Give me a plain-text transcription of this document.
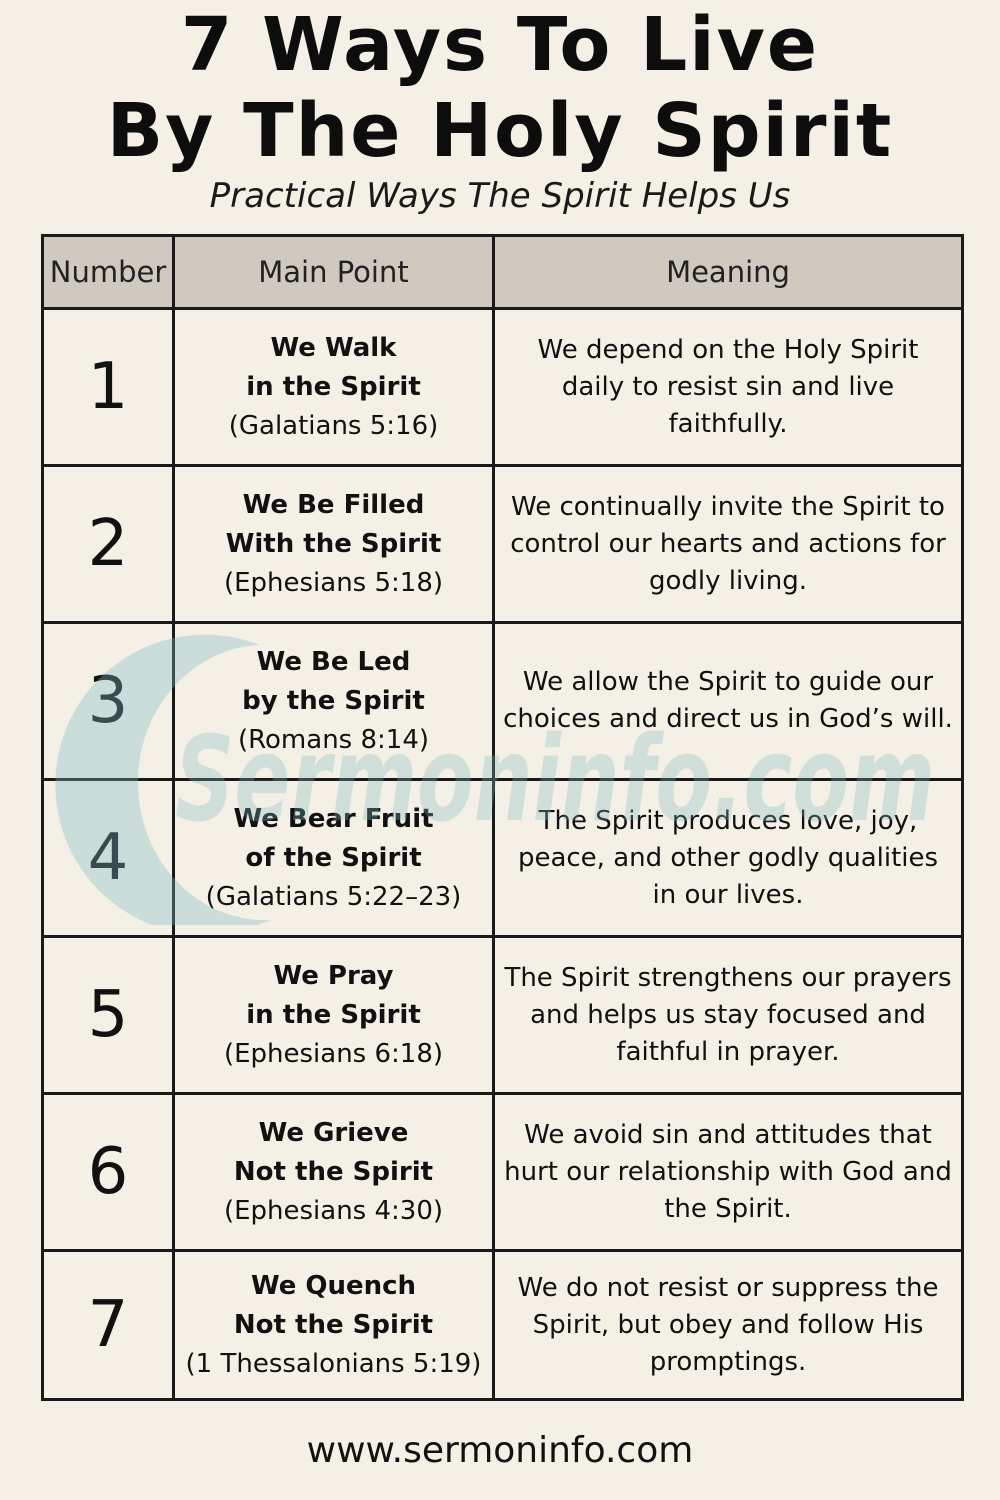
7 Ways To Live
By The Holy Spirit
Practical Ways The Spirit Helps Us
Number	Main Point	Meaning
1	We Walk
in the Spirit
(Galatians 5:16)	We depend on the Holy Spirit daily to resist sin and live faithfully.
2	We Be Filled
With the Spirit
(Ephesians 5:18)	We continually invite the Spirit to control our hearts and actions for godly living.
3	We Be Led
by the Spirit
(Romans 8:14)	We allow the Spirit to guide our choices and direct us in God’s will.
4	We Bear Fruit
of the Spirit
(Galatians 5:22–23)	The Spirit produces love, joy, peace, and other godly qualities in our lives.
5	We Pray
in the Spirit
(Ephesians 6:18)	The Spirit strengthens our prayers and helps us stay focused and faithful in prayer.
6	We Grieve
Not the Spirit
(Ephesians 4:30)	We avoid sin and attitudes that hurt our relationship with God and the Spirit.
7	We Quench
Not the Spirit
(1 Thessalonians 5:19)	We do not resist or suppress the Spirit, but obey and follow His promptings.
Sermoninfo.com
www.sermoninfo.com
